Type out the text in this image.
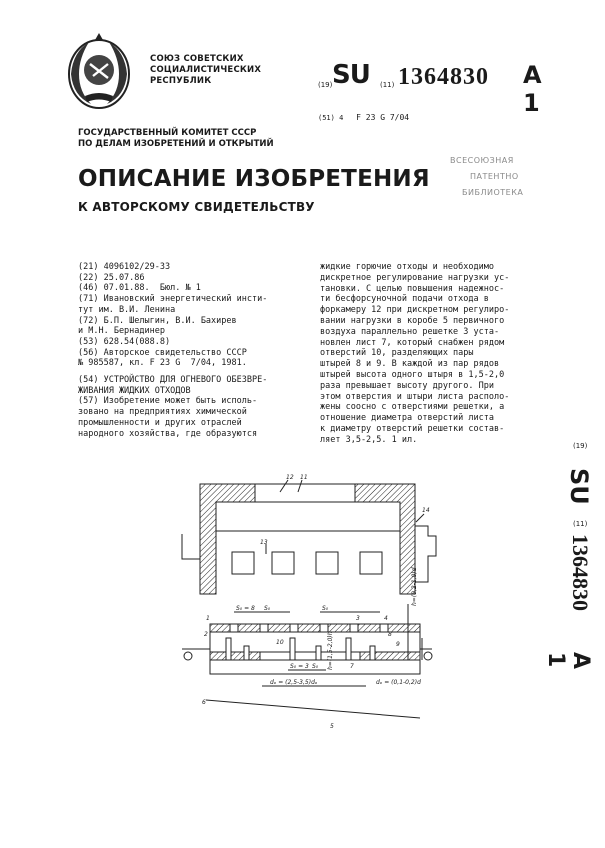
СОЮЗ СОВЕТСКИХ
СОЦИАЛИСТИЧЕСКИХ
РЕСПУБЛИК	(19) SU (11) 1364830 A 1
(51) 4 F 23 G 7/04
ГОСУДАРСТВЕННЫЙ КОМИТЕТ СССР
ПО ДЕЛАМ ИЗОБРЕТЕНИЙ И ОТКРЫТИЙ
ВСЕСОЮЗНАЯ
ПАТЕНТНО
БИБЛИОТЕКА
ОПИСАНИЕ ИЗОБРЕТЕНИЯ
К АВТОРСКОМУ СВИДЕТЕЛЬСТВУ
(21) 4096102/29-33
(22) 25.07.86
(46) 07.01.88.  Бюл. № 1
(71) Ивановский энергетический инсти-
тут им. В.И. Ленина
(72) Б.П. Шелыгин, В.И. Бахирев
и М.Н. Бернадинер
(53) 628.54(088.8)
(56) Авторское свидетельство СССР
№ 985587, кл. F 23 G  7/04, 1981.
(54) УСТРОЙСТВО ДЛЯ ОГНЕВОГО ОБЕЗВРЕ-
ЖИВАНИЯ ЖИДКИХ ОТХОДОВ
(57) Изобретение может быть исполь-
зовано на предприятиях химической
промышленности и других отраслей
народного хозяйства, где образуются
жидкие горючие отходы и необходимо
дискретное регулирование нагрузки ус-
тановки. С целью повышения надежнос-
ти бесфорсуночной подачи отхода в
форкамеру 12 при дискретном регулиро-
вании нагрузки в коробе 5 первичного
воздуха параллельно решетке 3 уста-
новлен лист 7, который снабжен рядом
отверстий 10, разделяющих пары
штырей 8 и 9. В каждой из пар рядов
штырей высота одного штыря в 1,5-2,0
раза превышает высоту другого. При
этом отверстия и штыри листа располо-
жены соосно с отверстиями решетки, а
отношение диаметра отверстий листа
к диаметру отверстий решетки состав-
ляет 3,5-2,5. 1 ил.
(19)
SU
(11)
1364830
A 1
12 11
14
13
S₀ = 8 S₀	S₀
S₀ = 3 S₀
dₒ = (2,5-3,5)dₒ	dₒ = (0,1-0,2)d
h=(0,2-1,0)d
h=(1,5-2,0)h
1
2
3	4
5
6
7
8
9
10
